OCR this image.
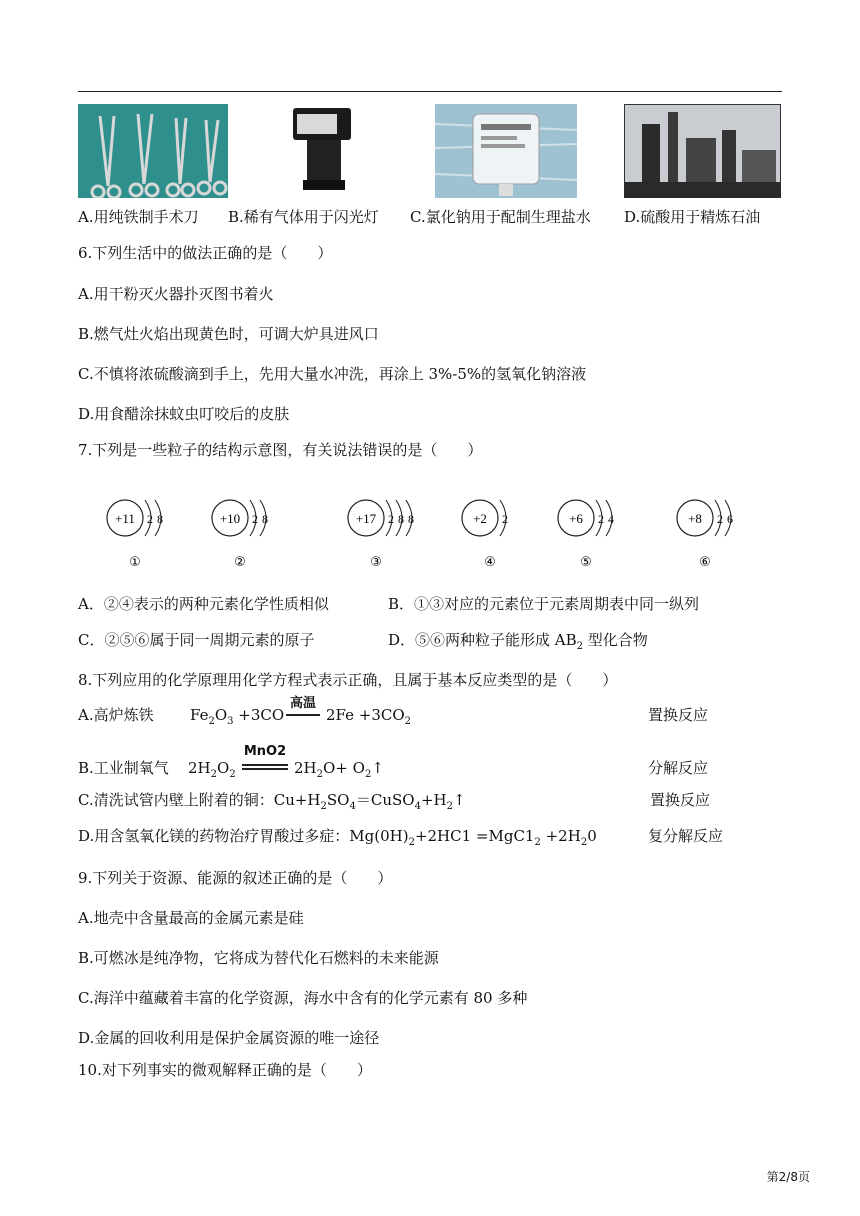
A.用纯铁制手术刀 B.稀有气体用于闪光灯 C.氯化钠用于配制生理盐水 D.硫酸用于精炼石油
6.下列生活中的做法正确的是（　　）
A.用干粉灭火器扑灭图书着火
B.燃气灶火焰出现黄色时，可调大炉具进风口
C.不慎将浓硫酸滴到手上，先用大量水冲洗，再涂上 3%-5%的氢氧化钠溶液
D.用食醋涂抹蚊虫叮咬后的皮肤
7.下列是一些粒子的结构示意图，有关说法错误的是（　　）
+11 2 8
①
+10 2 8
②
+17 2 8 8
③
+2 2
④
+6 2 4
⑤
+8 2 6
⑥
A．②④表示的两种元素化学性质相似	B．①③对应的元素位于元素周期表中同一纵列
C．②⑤⑥属于同一周期元素的原子	D．⑤⑥两种粒子能形成 $AB_2$ 型化合物
8.下列应用的化学原理用化学方程式表示正确，且属于基本反应类型的是（　　）
A.高炉炼铁 $Fe_2O_3 +3CO$
高温
$2Fe +3CO_2$	置换反应
B.工业制氧气 $2H_2O_2$
MnO2
$2H_2O+$ $O_2↑$	分解反应
C.清洗试管内壁上附着的铜：$Cu+H_2SO_4=CuSO_4+H_2↑$	置换反应
D.用含氢氧化镁的药物治疗胃酸过多症：$Mg(0H)_2+2HC1 =MgC1_2 +2H_20$	复分解反应
9.下列关于资源、能源的叙述正确的是（　　）
A.地壳中含量最高的金属元素是硅
B.可燃冰是纯净物，它将成为替代化石燃料的未来能源
C.海洋中蕴藏着丰富的化学资源，海水中含有的化学元素有 80 多种
D.金属的回收利用是保护金属资源的唯一途径
10.对下列事实的微观解释正确的是（　　）
第2/8页
